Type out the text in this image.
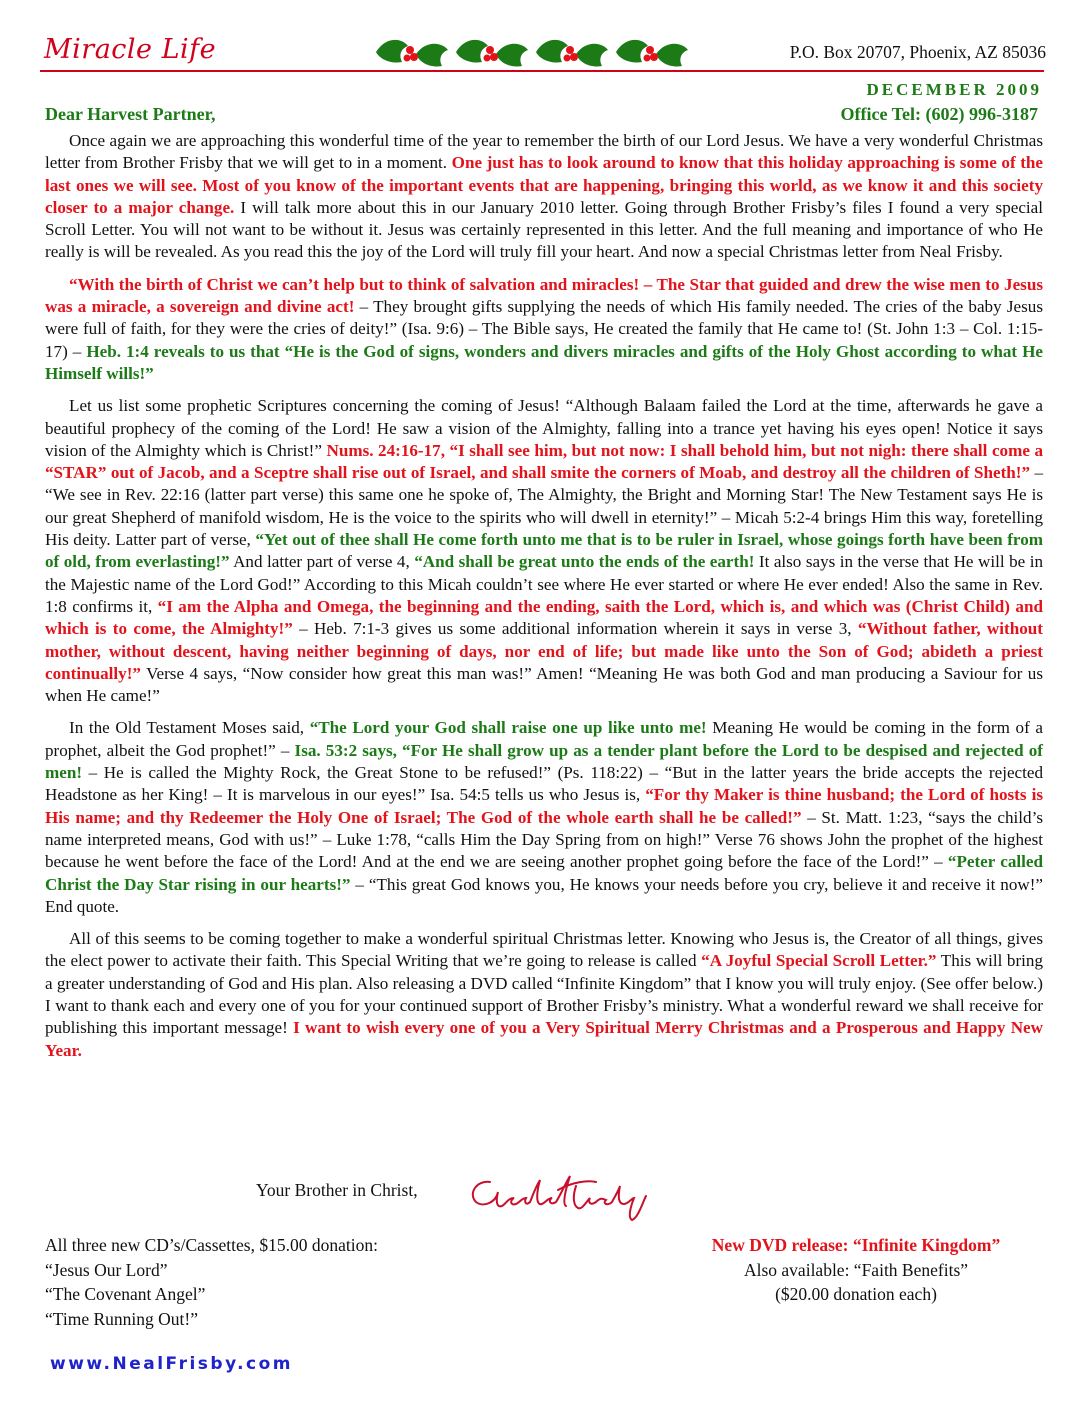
Miracle Life	P.O. Box 20707, Phoenix, AZ 85036
DECEMBER 2009
Office Tel: (602) 996-3187
Dear Harvest Partner,

Once again we are approaching this wonderful time of the year to remember the birth of our Lord Jesus. We have a very wonderful Christmas letter from Brother Frisby that we will get to in a moment. One just has to look around to know that this holiday approaching is some of the last ones we will see. Most of you know of the important events that are happening, bringing this world, as we know it and this society closer to a major change. I will talk more about this in our January 2010 letter. Going through Brother Frisby’s files I found a very special Scroll Letter. You will not want to be without it. Jesus was certainly represented in this letter. And the full meaning and importance of who He really is will be revealed. As you read this the joy of the Lord will truly fill your heart. And now a special Christmas letter from Neal Frisby.

“With the birth of Christ we can’t help but to think of salvation and miracles! – The Star that guided and drew the wise men to Jesus was a miracle, a sovereign and divine act! – They brought gifts supplying the needs of which His family needed. The cries of the baby Jesus were full of faith, for they were the cries of deity!” (Isa. 9:6) – The Bible says, He created the family that He came to! (St. John 1:3 – Col. 1:15-17) – Heb. 1:4 reveals to us that “He is the God of signs, wonders and divers miracles and gifts of the Holy Ghost according to what He Himself wills!”

Let us list some prophetic Scriptures concerning the coming of Jesus! “Although Balaam failed the Lord at the time, afterwards he gave a beautiful prophecy of the coming of the Lord! He saw a vision of the Almighty, falling into a trance yet having his eyes open! Notice it says vision of the Almighty which is Christ!” Nums. 24:16-17, “I shall see him, but not now: I shall behold him, but not nigh: there shall come a “STAR” out of Jacob, and a Sceptre shall rise out of Israel, and shall smite the corners of Moab, and destroy all the children of Sheth!” – “We see in Rev. 22:16 (latter part verse) this same one he spoke of, The Almighty, the Bright and Morning Star! The New Testament says He is our great Shepherd of manifold wisdom, He is the voice to the spirits who will dwell in eternity!” – Micah 5:2-4 brings Him this way, foretelling His deity. Latter part of verse, “Yet out of thee shall He come forth unto me that is to be ruler in Israel, whose goings forth have been from of old, from everlasting!” And latter part of verse 4, “And shall be great unto the ends of the earth! It also says in the verse that He will be in the Majestic name of the Lord God!” According to this Micah couldn’t see where He ever started or where He ever ended! Also the same in Rev. 1:8 confirms it, “I am the Alpha and Omega, the beginning and the ending, saith the Lord, which is, and which was (Christ Child) and which is to come, the Almighty!” – Heb. 7:1-3 gives us some additional information wherein it says in verse 3, “Without father, without mother, without descent, having neither beginning of days, nor end of life; but made like unto the Son of God; abideth a priest continually!” Verse 4 says, “Now consider how great this man was!” Amen! “Meaning He was both God and man producing a Saviour for us when He came!”

In the Old Testament Moses said, “The Lord your God shall raise one up like unto me! Meaning He would be coming in the form of a prophet, albeit the God prophet!” – Isa. 53:2 says, “For He shall grow up as a tender plant before the Lord to be despised and rejected of men! – He is called the Mighty Rock, the Great Stone to be refused!” (Ps. 118:22) – “But in the latter years the bride accepts the rejected Headstone as her King! – It is marvelous in our eyes!” Isa. 54:5 tells us who Jesus is, “For thy Maker is thine husband; the Lord of hosts is His name; and thy Redeemer the Holy One of Israel; The God of the whole earth shall he be called!” – St. Matt. 1:23, “says the child’s name interpreted means, God with us!” – Luke 1:78, “calls Him the Day Spring from on high!” Verse 76 shows John the prophet of the highest because he went before the face of the Lord! And at the end we are seeing another prophet going before the face of the Lord!” – “Peter called Christ the Day Star rising in our hearts!” – “This great God knows you, He knows your needs before you cry, believe it and receive it now!” End quote.

All of this seems to be coming together to make a wonderful spiritual Christmas letter. Knowing who Jesus is, the Creator of all things, gives the elect power to activate their faith. This Special Writing that we’re going to release is called “A Joyful Special Scroll Letter.” This will bring a greater understanding of God and His plan. Also releasing a DVD called “Infinite Kingdom” that I know you will truly enjoy. (See offer below.) I want to thank each and every one of you for your continued support of Brother Frisby’s ministry. What a wonderful reward we shall receive for publishing this important message! I want to wish every one of you a Very Spiritual Merry Christmas and a Prosperous and Happy New Year.

Your Brother in Christ,
All three new CD’s/Cassettes, $15.00 donation:
“Jesus Our Lord”
“The Covenant Angel”
“Time Running Out!”
New DVD release: “Infinite Kingdom”
Also available: “Faith Benefits”
($20.00 donation each)
www.NealFrisby.com
